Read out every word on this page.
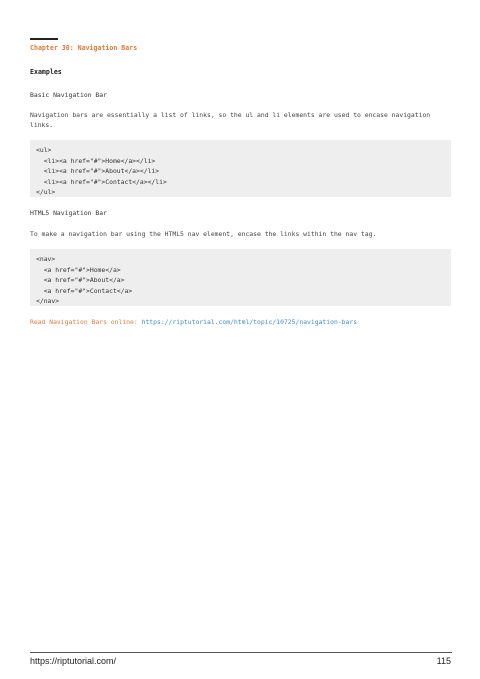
Chapter 30: Navigation Bars
Examples
Basic Navigation Bar
Navigation bars are essentially a list of links, so the ul and li elements are used to encase navigation links.
<ul>
<li><a href="#">Home</a></li>
<li><a href="#">About</a></li>
<li><a href="#">Contact</a></li>
</ul>
HTML5 Navigation Bar
To make a navigation bar using the HTML5 nav element, encase the links within the nav tag.
<nav>
<a href="#">Home</a>
<a href="#">About</a>
<a href="#">Contact</a>
</nav>
Read Navigation Bars online: https://riptutorial.com/html/topic/10725/navigation-bars
https://riptutorial.com/	115
